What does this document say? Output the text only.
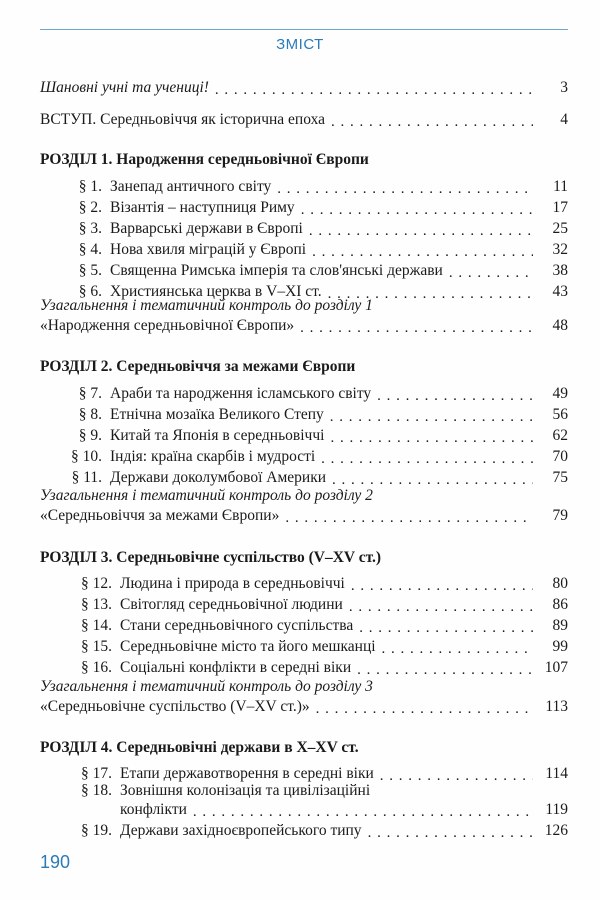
ЗМІСТ
Шановні учні та учениці! . . .	3
ВСТУП. Середньовіччя як історична епоха . . .	4
РОЗДІЛ 1. Народження середньовічної Європи
§ 1. Занепад античного світу . . .	11
§ 2. Візантія – наступниця Риму . . .	17
§ 3. Варварські держави в Європі . . .	25
§ 4. Нова хвиля міграцій у Європі . . .	32
§ 5. Священна Римська імперія та слов'янські держави . . .	38
§ 6. Християнська церква в V–XI ст. . . .	43
Узагальнення і тематичний контроль до розділу 1
«Народження середньовічної Європи» . . .	48
РОЗДІЛ 2. Середньовіччя за межами Європи
§ 7. Араби та народження ісламського світу . . .	49
§ 8. Етнічна мозаїка Великого Степу . . .	56
§ 9. Китай та Японія в середньовіччі . . .	62
§ 10. Індія: країна скарбів і мудрості . . .	70
§ 11. Держави доколумбової Америки . . .	75
Узагальнення і тематичний контроль до розділу 2
«Середньовіччя за межами Європи» . . .	79
РОЗДІЛ 3. Середньовічне суспільство (V–XV ст.)
§ 12. Людина і природа в середньовіччі . . .	80
§ 13. Світогляд середньовічної людини . . .	86
§ 14. Стани середньовічного суспільства . . .	89
§ 15. Середньовічне місто та його мешканці . . .	99
§ 16. Соціальні конфлікти в середні віки . . .	107
Узагальнення і тематичний контроль до розділу 3
«Середньовічне суспільство (V–XV ст.)» . . .	113
РОЗДІЛ 4. Середньовічні держави в X–XV ст.
§ 17. Етапи державотворення в середні віки . . .	114
§ 18. Зовнішня колонізація та цивілізаційні
конфлікти . . .	119
§ 19. Держави західноєвропейського типу . . .	126
190
